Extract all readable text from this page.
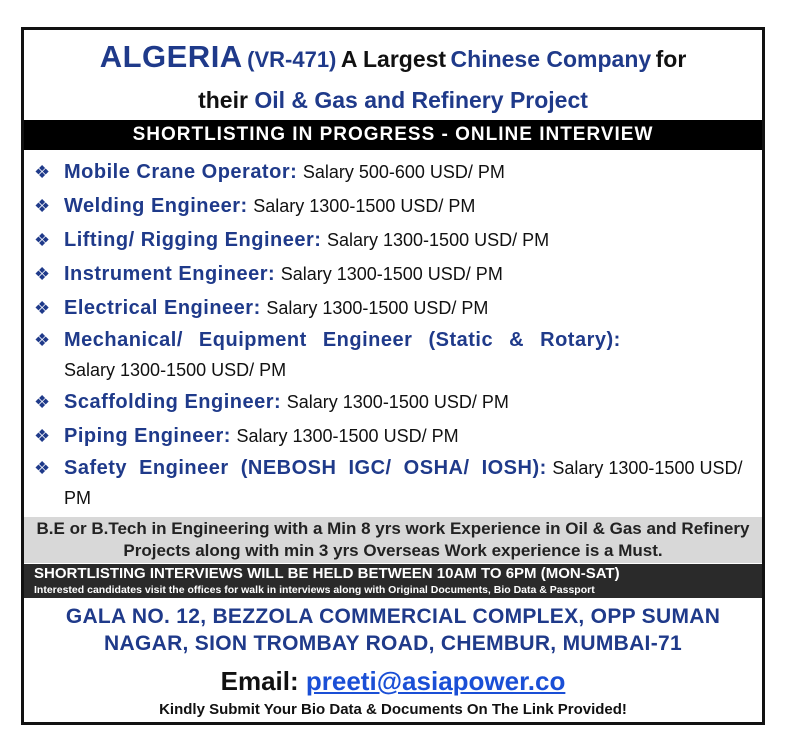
ALGERIA (VR-471) A Largest Chinese Company for
their Oil & Gas and Refinery Project
SHORTLISTING IN PROGRESS - ONLINE INTERVIEW
❖ Mobile Crane Operator: Salary 500-600 USD/ PM
❖ Welding Engineer: Salary 1300-1500 USD/ PM
❖ Lifting/ Rigging Engineer: Salary 1300-1500 USD/ PM
❖ Instrument Engineer: Salary 1300-1500 USD/ PM
❖ Electrical Engineer: Salary 1300-1500 USD/ PM
❖ Mechanical/ Equipment Engineer (Static & Rotary):
Salary 1300-1500 USD/ PM
❖ Scaffolding Engineer: Salary 1300-1500 USD/ PM
❖ Piping Engineer: Salary 1300-1500 USD/ PM
❖ Safety Engineer (NEBOSH IGC/ OSHA/ IOSH): Salary 1300-1500 USD/ PM
B.E or B.Tech in Engineering with a Min 8 yrs work Experience in Oil & Gas and Refinery Projects along with min 3 yrs Overseas Work experience is a Must.
SHORTLISTING INTERVIEWS WILL BE HELD BETWEEN 10AM TO 6PM (MON-SAT)
Interested candidates visit the offices for walk in interviews along with Original Documents, Bio Data & Passport
GALA NO. 12, BEZZOLA COMMERCIAL COMPLEX, OPP SUMAN NAGAR, SION TROMBAY ROAD, CHEMBUR, MUMBAI-71
Email: preeti@asiapower.co
Kindly Submit Your Bio Data & Documents On The Link Provided!
